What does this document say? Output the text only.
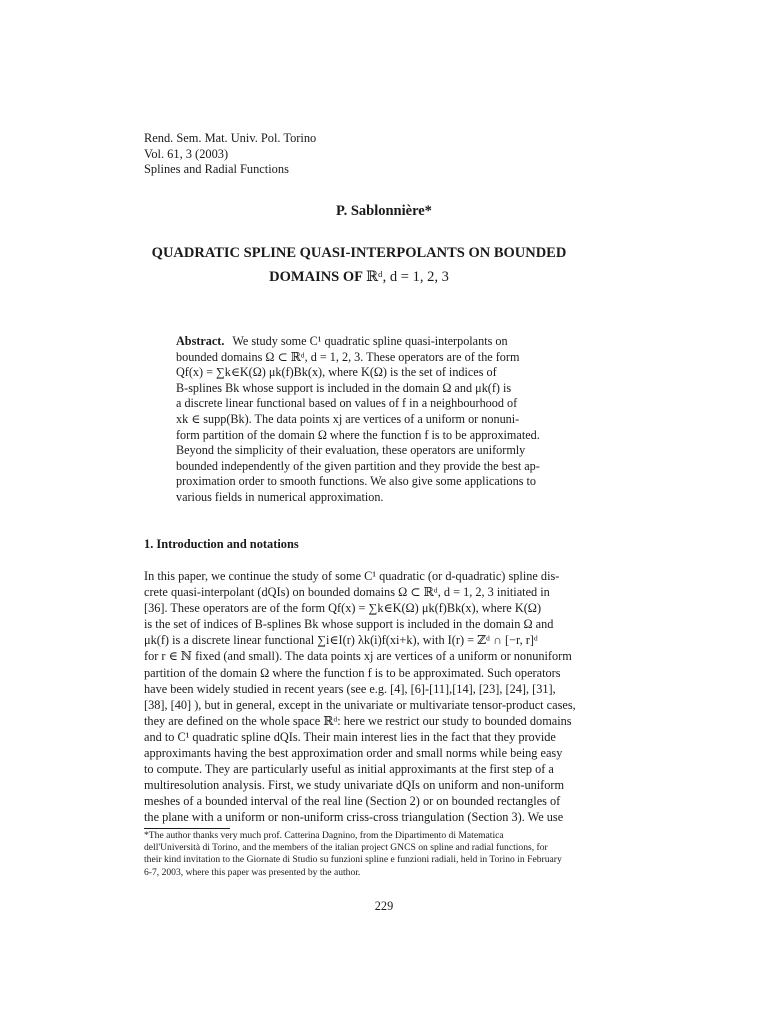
Rend. Sem. Mat. Univ. Pol. Torino
Vol. 61, 3 (2003)
Splines and Radial Functions
P. Sablonnière*
QUADRATIC SPLINE QUASI-INTERPOLANTS ON BOUNDED
DOMAINS OF ℝᵈ, d = 1, 2, 3
Abstract. We study some C¹ quadratic spline quasi-interpolants on
bounded domains Ω ⊂ ℝᵈ, d = 1, 2, 3. These operators are of the form
Qf(x) = ∑k∈K(Ω) μk(f)Bk(x), where K(Ω) is the set of indices of
B-splines Bk whose support is included in the domain Ω and μk(f) is
a discrete linear functional based on values of f in a neighbourhood of
xk ∈ supp(Bk). The data points xj are vertices of a uniform or nonuni-
form partition of the domain Ω where the function f is to be approximated.
Beyond the simplicity of their evaluation, these operators are uniformly
bounded independently of the given partition and they provide the best ap-
proximation order to smooth functions. We also give some applications to
various fields in numerical approximation.
1. Introduction and notations
In this paper, we continue the study of some C¹ quadratic (or d-quadratic) spline dis-
crete quasi-interpolant (dQIs) on bounded domains Ω ⊂ ℝᵈ, d = 1, 2, 3 initiated in
[36]. These operators are of the form Qf(x) = ∑k∈K(Ω) μk(f)Bk(x), where K(Ω)
is the set of indices of B-splines Bk whose support is included in the domain Ω and
μk(f) is a discrete linear functional ∑i∈I(r) λk(i)f(xi+k), with I(r) = ℤᵈ ∩ [−r, r]ᵈ
for r ∈ ℕ fixed (and small). The data points xj are vertices of a uniform or nonuniform
partition of the domain Ω where the function f is to be approximated. Such operators
have been widely studied in recent years (see e.g. [4], [6]-[11],[14], [23], [24], [31],
[38], [40] ), but in general, except in the univariate or multivariate tensor-product cases,
they are defined on the whole space ℝᵈ: here we restrict our study to bounded domains
and to C¹ quadratic spline dQIs. Their main interest lies in the fact that they provide
approximants having the best approximation order and small norms while being easy
to compute. They are particularly useful as initial approximants at the first step of a
multiresolution analysis. First, we study univariate dQIs on uniform and non-uniform
meshes of a bounded interval of the real line (Section 2) or on bounded rectangles of
the plane with a uniform or non-uniform criss-cross triangulation (Section 3). We use
*The author thanks very much prof. Catterina Dagnino, from the Dipartimento di Matematica
dell'Università di Torino, and the members of the italian project GNCS on spline and radial functions, for
their kind invitation to the Giornate di Studio su funzioni spline e funzioni radiali, held in Torino in February
6-7, 2003, where this paper was presented by the author.
229
